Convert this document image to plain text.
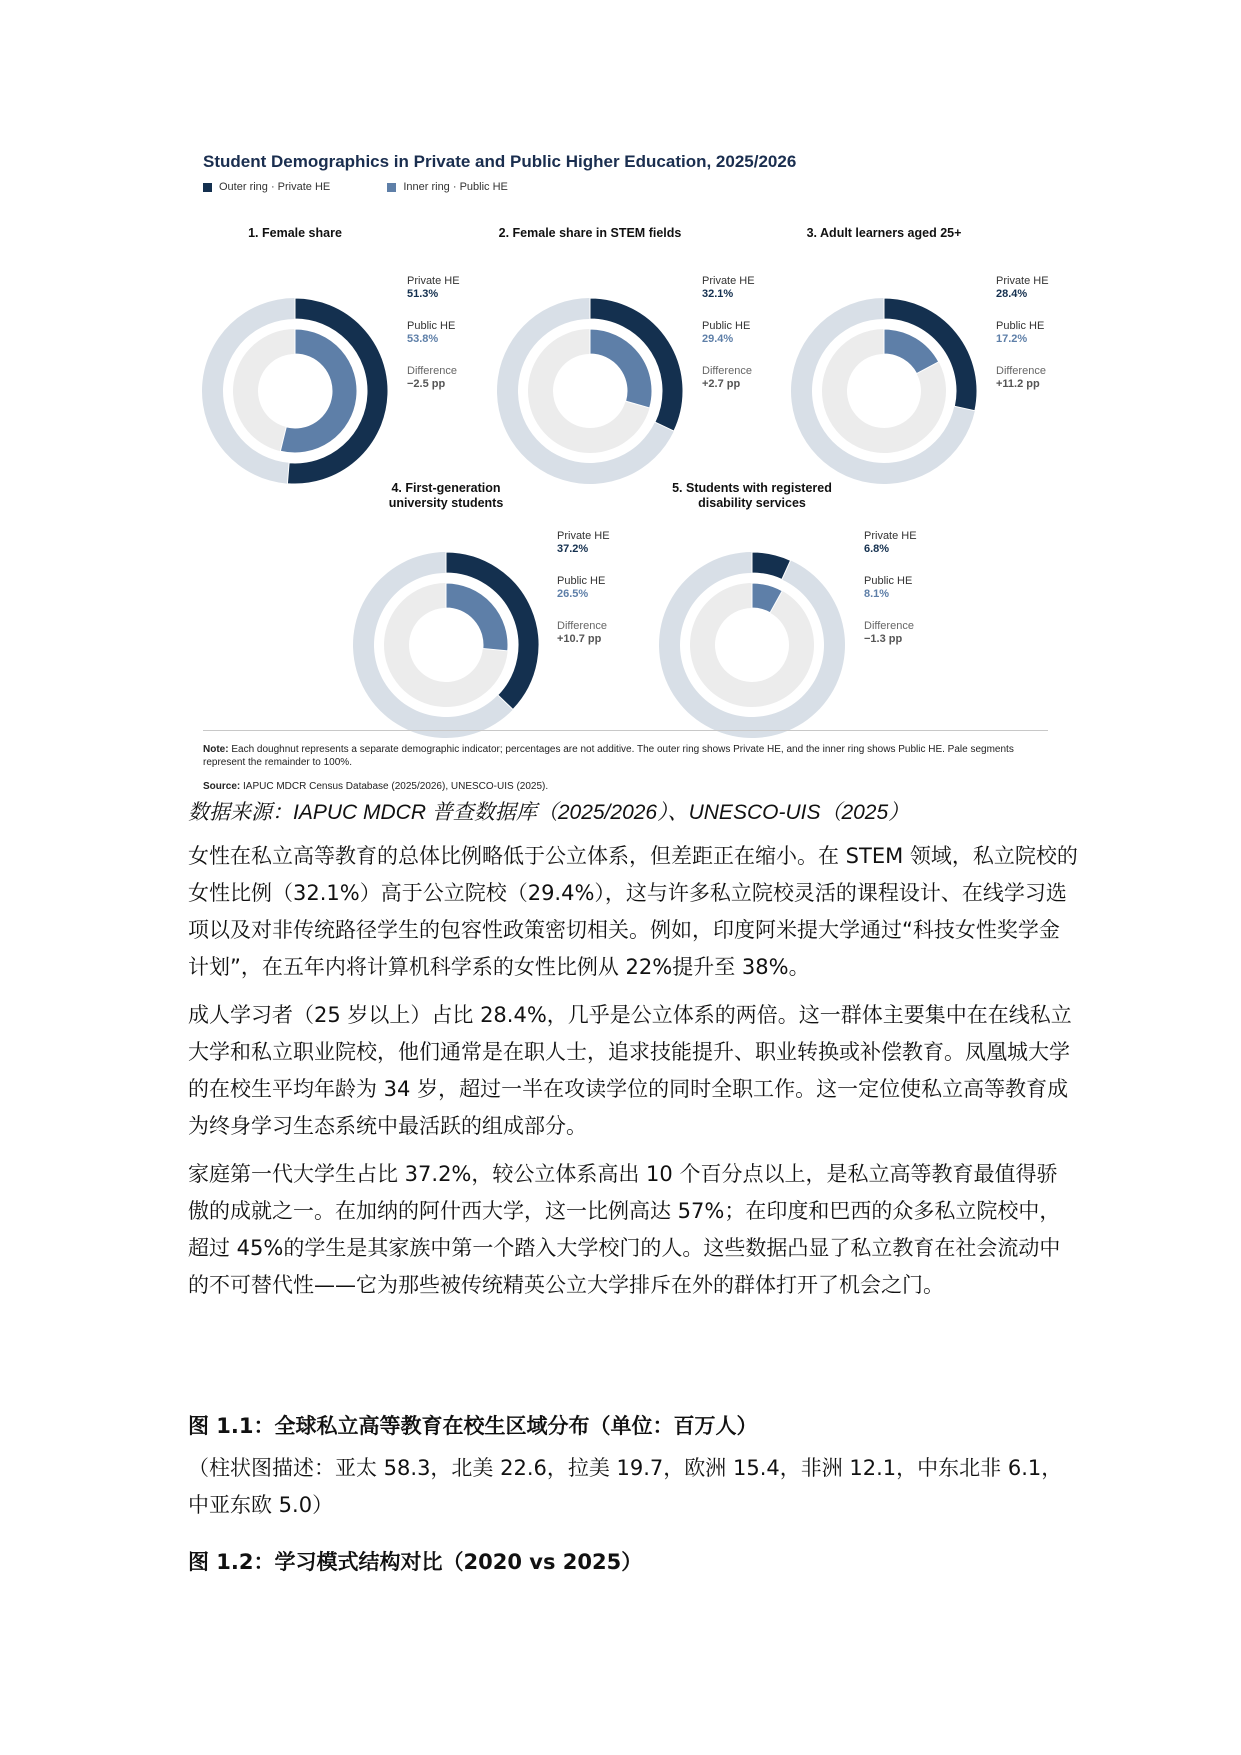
Student Demographics in Private and Public Higher Education, 2025/2026
Outer ring · Private HE
	Inner ring · Public HE
1. Female share
Private HE
51.3%
Public HE
53.8%
Difference
−2.5 pp
2. Female share in STEM fields
Private HE
32.1%
Public HE
29.4%
Difference
+2.7 pp
3. Adult learners aged 25+
Private HE
28.4%
Public HE
17.2%
Difference
+11.2 pp
4. First-generation
university students
Private HE
37.2%
Public HE
26.5%
Difference
+10.7 pp
5. Students with registered
disability services
Private HE
6.8%
Public HE
8.1%
Difference
−1.3 pp
Note: Each doughnut represents a separate demographic indicator; percentages are not additive. The outer ring shows Private HE, and the inner ring shows Public HE. Pale segments represent the remainder to 100%.
Source: IAPUC MDCR Census Database (2025/2026), UNESCO-UIS (2025).
数据来源：IAPUC MDCR 普查数据库（2025/2026）、UNESCO-UIS（2025）

女性在私立高等教育的总体比例略低于公立体系，但差距正在缩小。在 STEM 领域，私立院校的女性比例（32.1%）高于公立院校（29.4%），这与许多私立院校灵活的课程设计、在线学习选项以及对非传统路径学生的包容性政策密切相关。例如，印度阿米提大学通过“科技女性奖学金计划”，在五年内将计算机科学系的女性比例从 22%提升至 38%。

成人学习者（25 岁以上）占比 28.4%，几乎是公立体系的两倍。这一群体主要集中在在线私立大学和私立职业院校，他们通常是在职人士，追求技能提升、职业转换或补偿教育。凤凰城大学的在校生平均年龄为 34 岁，超过一半在攻读学位的同时全职工作。这一定位使私立高等教育成为终身学习生态系统中最活跃的组成部分。

家庭第一代大学生占比 37.2%，较公立体系高出 10 个百分点以上，是私立高等教育最值得骄傲的成就之一。在加纳的阿什西大学，这一比例高达 57%；在印度和巴西的众多私立院校中，超过 45%的学生是其家族中第一个踏入大学校门的人。这些数据凸显了私立教育在社会流动中的不可替代性——它为那些被传统精英公立大学排斥在外的群体打开了机会之门。

图 1.1：全球私立高等教育在校生区域分布（单位：百万人）
（柱状图描述：亚太 58.3，北美 22.6，拉美 19.7，欧洲 15.4，非洲 12.1，中东北非 6.1，中亚东欧 5.0）
图 1.2：学习模式结构对比（2020 vs 2025）
